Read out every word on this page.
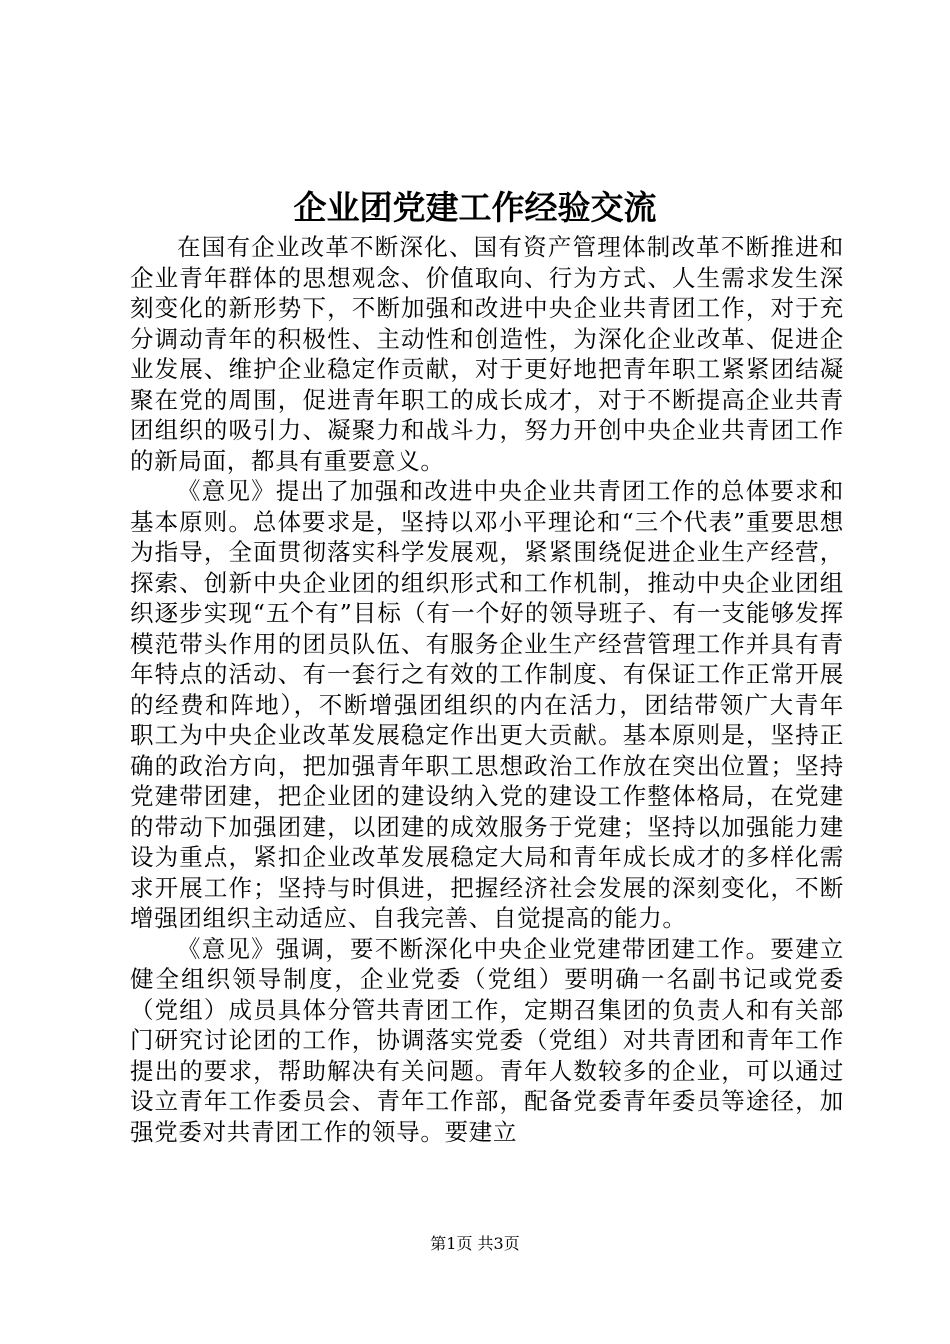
企业团党建工作经验交流

在国有企业改革不断深化、国有资产管理体制改革不断推进和企业青年群体的思想观念、价值取向、行为方式、人生需求发生深刻变化的新形势下，不断加强和改进中央企业共青团工作，对于充分调动青年的积极性、主动性和创造性，为深化企业改革、促进企业发展、维护企业稳定作贡献，对于更好地把青年职工紧紧团结凝聚在党的周围，促进青年职工的成长成才，对于不断提高企业共青团组织的吸引力、凝聚力和战斗力，努力开创中央企业共青团工作的新局面，都具有重要意义。

《意见》提出了加强和改进中央企业共青团工作的总体要求和基本原则。总体要求是，坚持以邓小平理论和“三个代表”重要思想为指导，全面贯彻落实科学发展观，紧紧围绕促进企业生产经营，探索、创新中央企业团的组织形式和工作机制，推动中央企业团组织逐步实现“五个有”目标（有一个好的领导班子、有一支能够发挥模范带头作用的团员队伍、有服务企业生产经营管理工作并具有青年特点的活动、有一套行之有效的工作制度、有保证工作正常开展的经费和阵地），不断增强团组织的内在活力，团结带领广大青年职工为中央企业改革发展稳定作出更大贡献。基本原则是，坚持正确的政治方向，把加强青年职工思想政治工作放在突出位置；坚持党建带团建，把企业团的建设纳入党的建设工作整体格局，在党建的带动下加强团建，以团建的成效服务于党建；坚持以加强能力建设为重点，紧扣企业改革发展稳定大局和青年成长成才的多样化需求开展工作；坚持与时俱进，把握经济社会发展的深刻变化，不断增强团组织主动适应、自我完善、自觉提高的能力。

《意见》强调，要不断深化中央企业党建带团建工作。要建立健全组织领导制度，企业党委（党组）要明确一名副书记或党委（党组）成员具体分管共青团工作，定期召集团的负责人和有关部门研究讨论团的工作，协调落实党委（党组）对共青团和青年工作提出的要求，帮助解决有关问题。青年人数较多的企业，可以通过设立青年工作委员会、青年工作部，配备党委青年委员等途径，加强党委对共青团工作的领导。要建立

第1页 共3页
